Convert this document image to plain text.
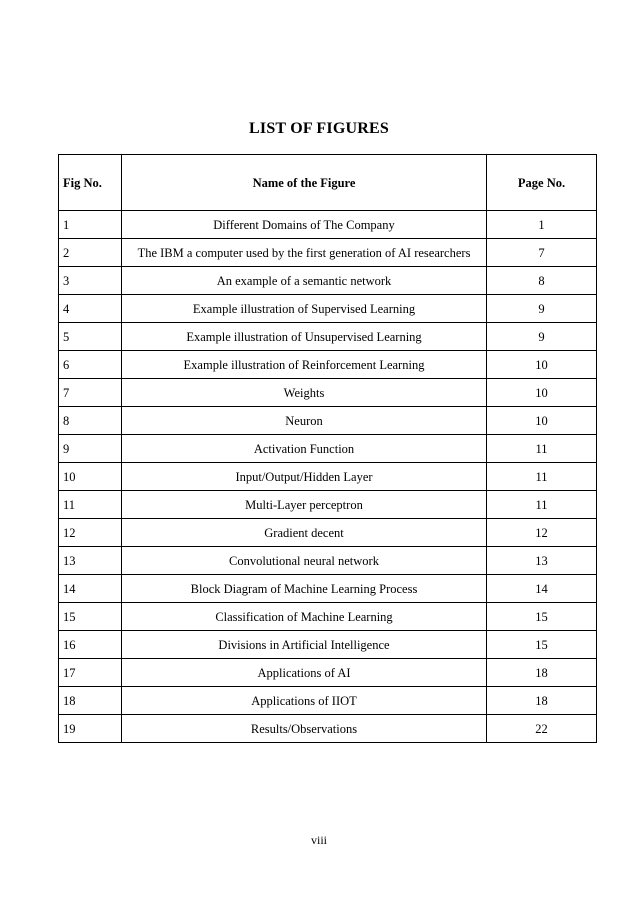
LIST OF FIGURES
Fig No.	Name of the Figure	Page No.
1	Different Domains of The Company	1
2	The IBM a computer used by the first generation of AI researchers	7
3	An example of a semantic network	8
4	Example illustration of Supervised Learning	9
5	Example illustration of Unsupervised Learning	9
6	Example illustration of Reinforcement Learning	10
7	Weights	10
8	Neuron	10
9	Activation Function	11
10	Input/Output/Hidden Layer	11
11	Multi-Layer perceptron	11
12	Gradient decent	12
13	Convolutional neural network	13
14	Block Diagram of Machine Learning Process	14
15	Classification of Machine Learning	15
16	Divisions in Artificial Intelligence	15
17	Applications of AI	18
18	Applications of IIOT	18
19	Results/Observations	22
viii
